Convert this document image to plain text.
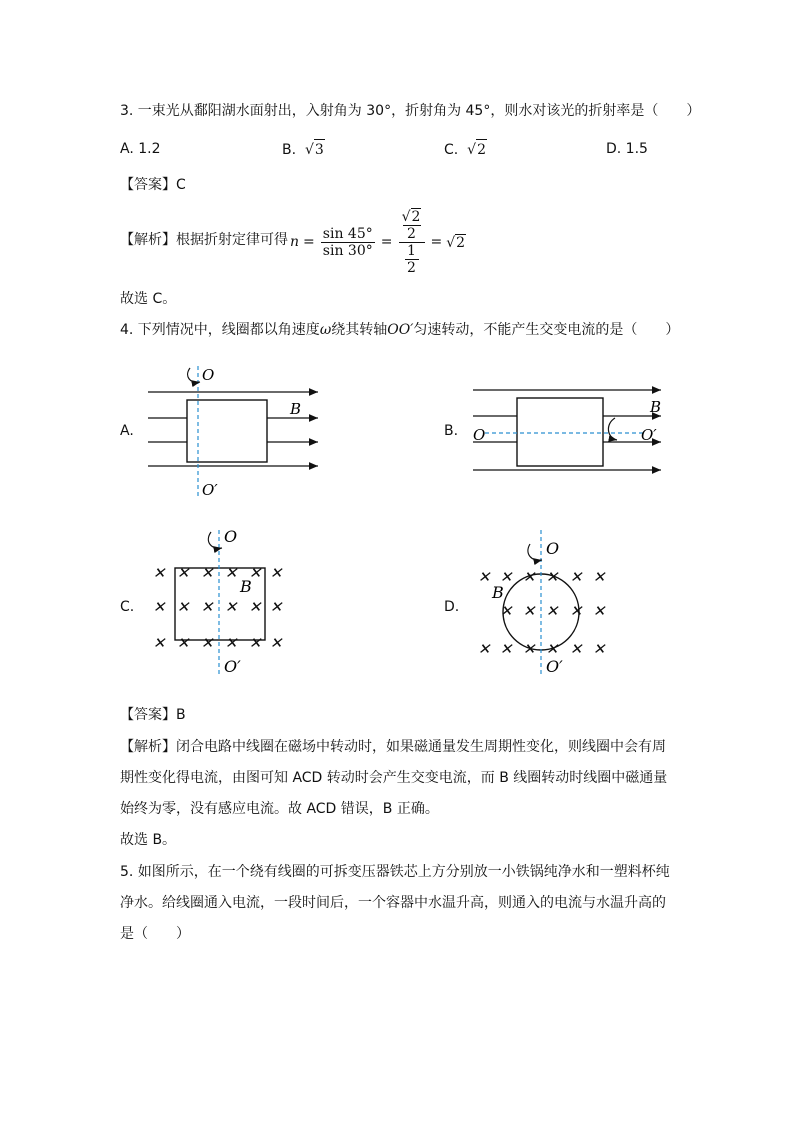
3. 一束光从鄱阳湖水面射出，入射角为 30°，折射角为 45°，则水对该光的折射率是（　　）
A. 1.2	B.  √3	C.  √2	D. 1.5
【答案】C
【解析】根据折射定律可得 $n = \frac{\sin 45^\circ}{\sin 30^\circ} = √2$
2
1
2 = √2
故选 C。
4. 下列情况中，线圈都以角速度ω绕其转轴OO′匀速转动，不能产生交变电流的是（　　）
A.	B.
C.	D.
O
B
O′
O
B
O′
✕ ✕ ✕ ✕ ✕ ✕
✕ ✕ ✕ ✕ ✕ ✕
✕ ✕ ✕ ✕ ✕ ✕
O
B
O′
✕ ✕ ✕ ✕ ✕ ✕
✕ ✕ ✕ ✕ ✕
✕ ✕ ✕ ✕ ✕ ✕
O
B
O′
【答案】B
【解析】闭合电路中线圈在磁场中转动时，如果磁通量发生周期性变化，则线圈中会有周
期性变化得电流，由图可知 ACD 转动时会产生交变电流，而 B 线圈转动时线圈中磁通量
始终为零，没有感应电流。故 ACD 错误，B 正确。
故选 B。
5. 如图所示，在一个绕有线圈的可拆变压器铁芯上方分别放一小铁锅纯净水和一塑料杯纯
净水。给线圈通入电流，一段时间后，一个容器中水温升高，则通入的电流与水温升高的
是（　　）
